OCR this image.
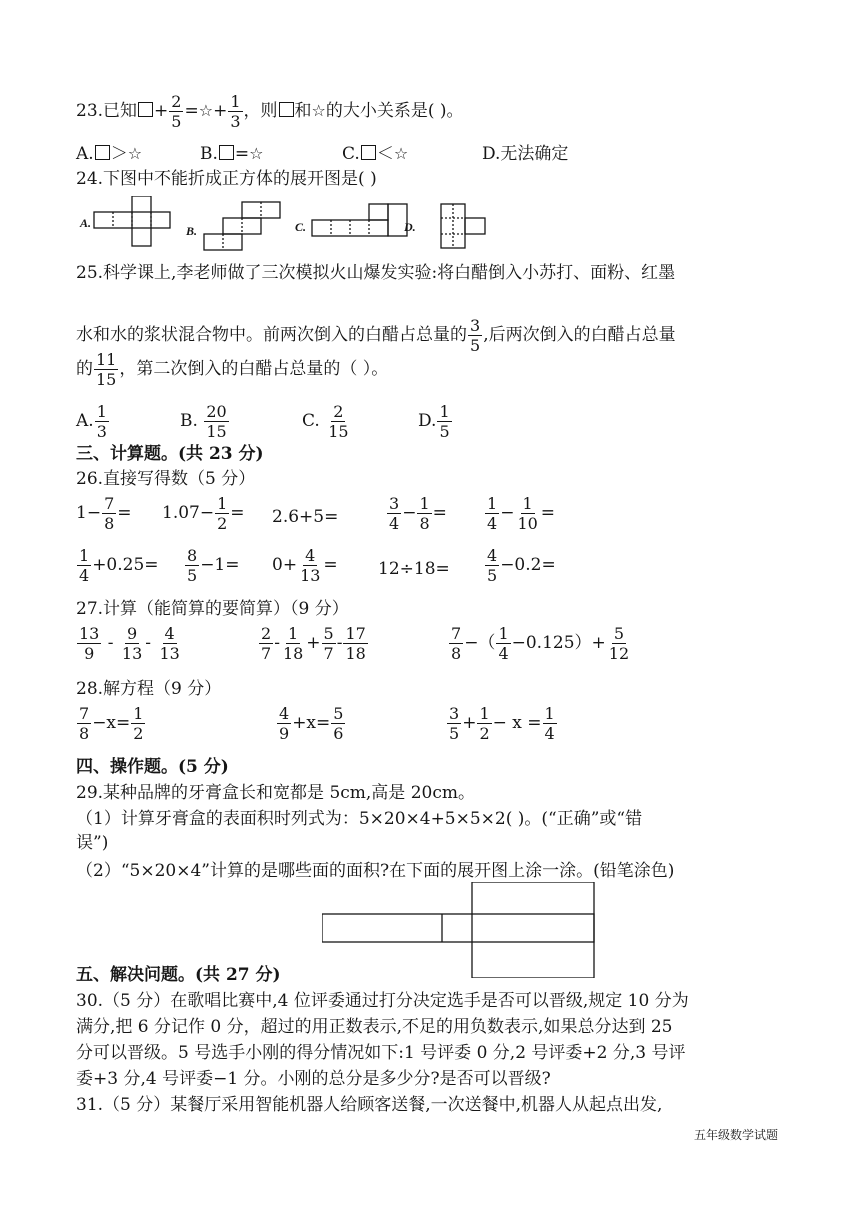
23.已知 + $\frac{2}{5}$ =☆+ $\frac{1}{3}$ ，则 和☆的大小关系是( )。
A. ＞☆	B. =☆	C. ＜☆	D.无法确定
24.下图中不能折成正方体的展开图是( )
A.
B.	C.	D.
25.科学课上,李老师做了三次模拟火山爆发实验:将白醋倒入小苏打、面粉、红墨
水和水的浆状混合物中。前两次倒入的白醋占总量的 $\frac{3}{5}$ ,后两次倒入的白醋占总量
的 $\frac{11}{15}$ ，第二次倒入的白醋占总量的（ ）。
A. $\frac{1}{3}$	B. $\frac{20}{15}$	C. $\frac{2}{15}$	D. $\frac{1}{5}$
三、计算题。(共 23 分)
26.直接写得数（5 分）
$1- \frac{7}{8} = 1.07- \frac{1}{2} = 2.6+5=$	$\frac{3}{4} - \frac{1}{8} = \frac{1}{4} - \frac{1}{10}$ =
$\frac{1}{4} +0.25= \frac{8}{5} -1= 0+ \frac{4}{13} = 12\div 18= \frac{4}{5} -0.2=$
27.计算（能简算的要简算）（9 分）
$\frac{13}{9} - \frac{9}{13} - \frac{4}{13}$	$\frac{2}{7} - \frac{1}{18} + \frac{5}{7} - \frac{17}{18}$	$\frac{7}{8}$ −（ $\frac{1}{4} -0.125)+ \frac{5}{12}$
28.解方程（9 分）
$\frac{7}{8} -x= \frac{1}{2}$	$\frac{4}{9} +x= \frac{5}{6}$	$\frac{3}{5} + \frac{1}{2} - x = \frac{1}{4}$
四、操作题。(5 分)
29.某种品牌的牙膏盒长和宽都是 5cm,高是 20cm。
（1）计算牙膏盒的表面积时列式为：5×20×4+5×5×2( )。(“正确”或“错
误”)
（2）“5×20×4”计算的是哪些面的面积?在下面的展开图上涂一涂。(铅笔涂色)
五、解决问题。(共 27 分)
30.（5 分）在歌唱比赛中,4 位评委通过打分决定选手是否可以晋级,规定 10 分为
满分,把 6 分记作 0 分，超过的用正数表示,不足的用负数表示,如果总分达到 25
分可以晋级。5 号选手小刚的得分情况如下:1 号评委 0 分,2 号评委+2 分,3 号评
委+3 分,4 号评委−1 分。小刚的总分是多少分?是否可以晋级?
31.（5 分）某餐厅采用智能机器人给顾客送餐,一次送餐中,机器人从起点出发,
五年级数学试题
